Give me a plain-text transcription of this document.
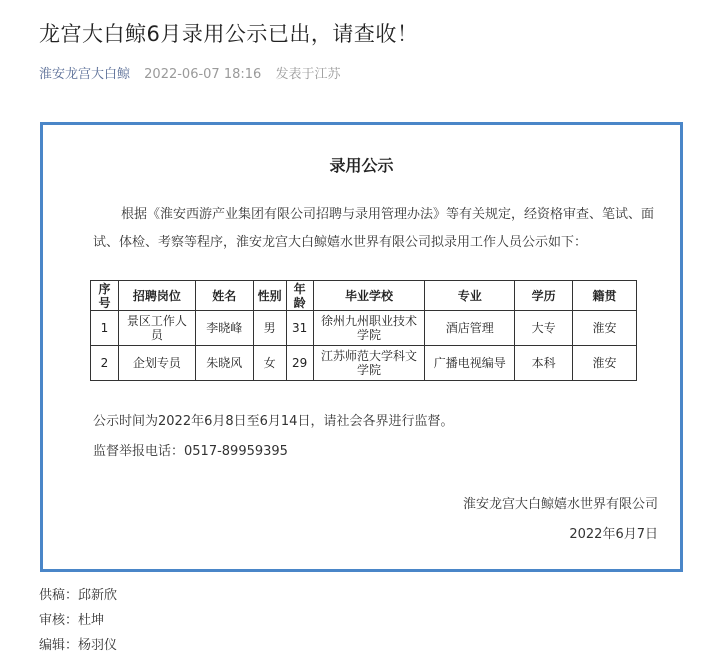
龙宫大白鲸6月录用公示已出，请查收！
淮安龙宫大白鲸 2022-06-07 18:16 发表于江苏
录用公示

根据《淮安西游产业集团有限公司招聘与录用管理办法》等有关规定，经资格审查、笔试、面试、体检、考察等程序，淮安龙宫大白鲸嬉水世界有限公司拟录用工作人员公示如下：

序号	招聘岗位	姓名	性别	年龄	毕业学校	专业	学历	籍贯
1	景区工作人员	李晓峰	男	31	徐州九州职业技术学院	酒店管理	大专	淮安
2	企划专员	朱晓风	女	29	江苏师范大学科文学院	广播电视编导	本科	淮安
公示时间为2022年6月8日至6月14日，请社会各界进行监督。
监督举报电话：0517-89959395
淮安龙宫大白鲸嬉水世界有限公司
2022年6月7日
供稿：邱新欣
审核：杜坤
编辑：杨羽仪
